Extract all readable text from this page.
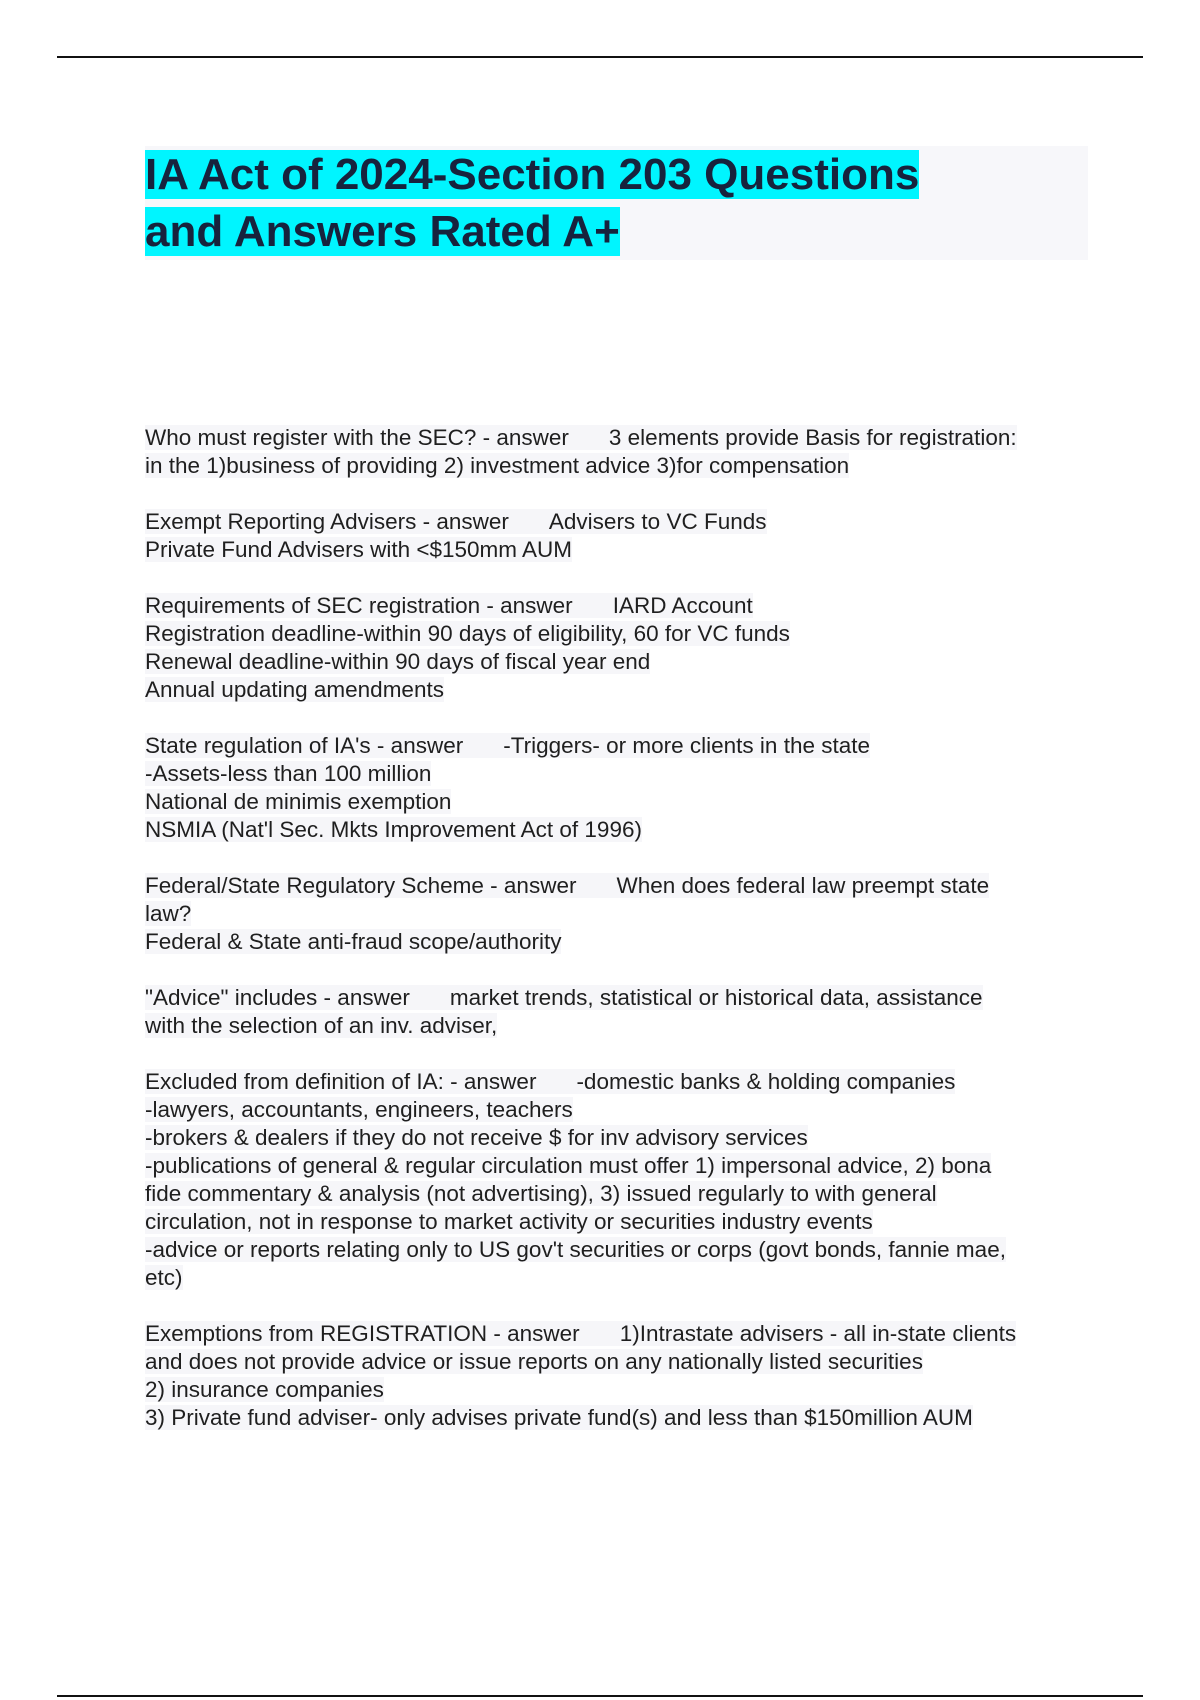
IA Act of 2024-Section 203 Questions
and Answers Rated A+
Who must register with the SEC? - answer 3 elements provide Basis for registration:
in the 1)business of providing 2) investment advice 3)for compensation
Exempt Reporting Advisers - answer Advisers to VC Funds
Private Fund Advisers with <$150mm AUM
Requirements of SEC registration - answer IARD Account
Registration deadline-within 90 days of eligibility, 60 for VC funds
Renewal deadline-within 90 days of fiscal year end
Annual updating amendments
State regulation of IA's - answer -Triggers- or more clients in the state
-Assets-less than 100 million
National de minimis exemption
NSMIA (Nat'l Sec. Mkts Improvement Act of 1996)
Federal/State Regulatory Scheme - answer When does federal law preempt state
law?
Federal & State anti-fraud scope/authority
"Advice" includes - answer market trends, statistical or historical data, assistance
with the selection of an inv. adviser,
Excluded from definition of IA: - answer -domestic banks & holding companies
-lawyers, accountants, engineers, teachers
-brokers & dealers if they do not receive $ for inv advisory services
-publications of general & regular circulation must offer 1) impersonal advice, 2) bona
fide commentary & analysis (not advertising), 3) issued regularly to with general
circulation, not in response to market activity or securities industry events
-advice or reports relating only to US gov't securities or corps (govt bonds, fannie mae,
etc)
Exemptions from REGISTRATION - answer 1)Intrastate advisers - all in-state clients
and does not provide advice or issue reports on any nationally listed securities
2) insurance companies
3) Private fund adviser- only advises private fund(s) and less than $150million AUM
